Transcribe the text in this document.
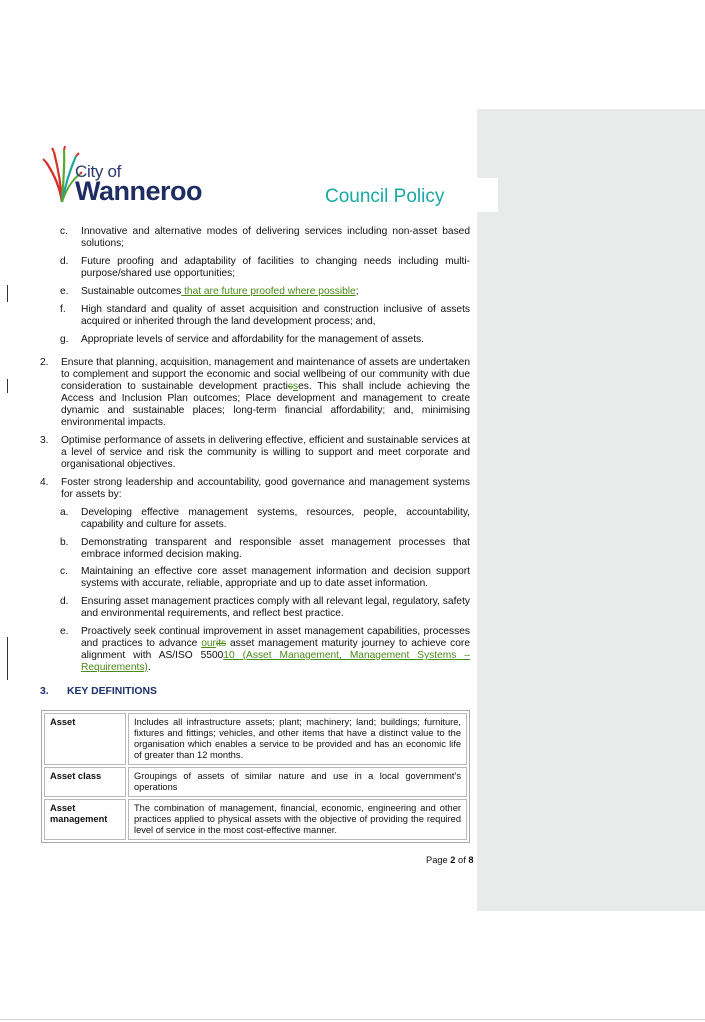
City of
Wanneroo	Council Policy
c. Innovative and alternative modes of delivering services including non-asset based solutions;
d. Future proofing and adaptability of facilities to changing needs including multi-purpose/shared use opportunities;
e. Sustainable outcomes that are future proofed where possible;
f. High standard and quality of asset acquisition and construction inclusive of assets acquired or inherited through the land development process; and,
g. Appropriate levels of service and affordability for the management of assets.
2. Ensure that planning, acquisition, management and maintenance of assets are undertaken to complement and support the economic and social wellbeing of our community with due consideration to sustainable development practicses. This shall include achieving the Access and Inclusion Plan outcomes; Place development and management to create dynamic and sustainable places; long-term financial affordability; and, minimising environmental impacts.
3. Optimise performance of assets in delivering effective, efficient and sustainable services at a level of service and risk the community is willing to support and meet corporate and organisational objectives.
4. Foster strong leadership and accountability, good governance and management systems for assets by:
a. Developing effective management systems, resources, people, accountability, capability and culture for assets.
b. Demonstrating transparent and responsible asset management processes that embrace informed decision making.
c. Maintaining an effective core asset management information and decision support systems with accurate, reliable, appropriate and up to date asset information.
d. Ensuring asset management practices comply with all relevant legal, regulatory, safety and environmental requirements, and reflect best practice.
e. Proactively seek continual improvement in asset management capabilities, processes and practices to advance ourits asset management maturity journey to achieve core alignment with AS/ISO 550010 (Asset Management, Management Systems – Requirements).
3. KEY DEFINITIONS
Asset	Includes all infrastructure assets; plant; machinery; land; buildings; furniture, fixtures and fittings; vehicles, and other items that have a distinct value to the organisation which enables a service to be provided and has an economic life of greater than 12 months.
Asset class	Groupings of assets of similar nature and use in a local government’s operations
Asset management	The combination of management, financial, economic, engineering and other practices applied to physical assets with the objective of providing the required level of service in the most cost-effective manner.
Page 2 of 8
